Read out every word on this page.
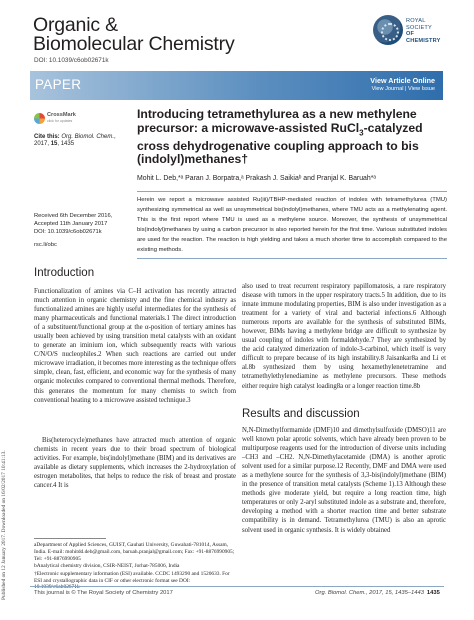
Published on 12 January 2017. Downloaded on 16/02/2017 10:41:13.
Organic &
Biomolecular Chemistry
ROYAL SOCIETY
OF CHEMISTRY
DOI: 10.1039/c6ob02671k
PAPER	View Article Online
View Journal | View Issue
CrossMark
click for updates
Cite this: Org. Biomol. Chem., 2017, 15, 1435
Introducing tetramethylurea as a new methylene precursor: a microwave-assisted RuCl$_3$-catalyzed cross dehydrogenative coupling approach to bis (indolyl)methanes†
Mohit L. Deb,*ᵃ Paran J. Borpatra,ᵃ Prakash J. Saikiaᵇ and Pranjal K. Baruah*ᵃ
Herein we report a microwave assisted Ru(iii)/TBHP-mediated reaction of indoles with tetramethylurea (TMU) synthesizing symmetrical as well as unsymmetrical bis(indolyl)methanes, where TMU acts as a methylenating agent. This is the first report where TMU is used as a methylene source. Moreover, the synthesis of unsymmetrical bis(indolyl)methanes by using a carbon precursor is also reported herein for the first time. Various substituted indoles are used for the reaction. The reaction is high yielding and takes a much shorter time to accomplish compared to the existing methods.
Received 6th December 2016,
Accepted 11th January 2017
DOI: 10.1039/c6ob02671k
rsc.li/obc
Introduction

Functionalization of amines via C–H activation has recently attracted much attention in organic chemistry and the fine chemical industry as functionalized amines are highly useful intermediates for the synthesis of many pharmaceuticals and functional materials.1 The direct introduction of a substituent/functional group at the α-position of tertiary amines has usually been achieved by using transition metal catalysts with an oxidant to generate an iminium ion, which subsequently reacts with various C/N/O/S nucleophiles.2 When such reactions are carried out under microwave irradiation, it becomes more interesting as the technique offers simple, clean, fast, efficient, and economic way for the synthesis of many organic molecules compared to conventional thermal methods. Therefore, this generates the momentum for many chemists to switch from conventional heating to a microwave assisted technique.3

Bis(heterocycle)methanes have attracted much attention of organic chemists in recent years due to their broad spectrum of biological activities. For example, bis(indolyl)methane (BIM) and its derivatives are available as dietary supplements, which increases the 2-hydroxylation of estrogen metabolites, that helps to reduce the risk of breast and prostate cancer.4 It is

also used to treat recurrent respiratory papillomatosis, a rare respiratory disease with tumors in the upper respiratory tracts.5 In addition, due to its innate immune modulating properties, BIM is also under investigation as a treatment for a variety of viral and bacterial infections.6 Although numerous reports are available for the synthesis of substituted BIMs, however, BIMs having a methylene bridge are difficult to synthesize by usual coupling of indoles with formaldehyde.7 They are synthesized by the acid catalyzed dimerization of indole-3-carbinol, which itself is very difficult to prepare because of its high instability.8 Jaisankar8a and Li et al.8b synthesized them by using hexamethylenetetramine and tetramethylethylenediamine as methylene precursors. These methods either require high catalyst loading8a or a longer reaction time.8b

Results and discussion

N,N-Dimethylformamide (DMF)10 and dimethylsulfoxide (DMSO)11 are well known polar aprotic solvents, which have already been proven to be multipurpose reagents used for the introduction of diverse units including –CH3 and –CH2. N,N-Dimethylacetamide (DMA) is another aprotic solvent used for a similar purpose.12 Recently, DMF and DMA were used as a methylene source for the synthesis of 3,3-bis(indolyl)methane (BIM) in the presence of transition metal catalysts (Scheme 1).13 Although these methods give moderate yield, but require a long reaction time, high temperatures or only 2-aryl substituted indole as a substrate and, therefore, developing a method with a shorter reaction time and better substrate compatibility is in demand. Tetramethylurea (TMU) is also an aprotic solvent used in organic synthesis. It is widely obtained

aDepartment of Applied Sciences, GUIST, Gauhati University, Guwahati-781014, Assam, India. E-mail: mohitdd.deb@gmail.com, baruah.pranjal@gmail.com; Fax: +91-8876990905; Tel: +91-8876990905
bAnalytical chemistry division, CSIR-NEIST, Jorhat-785006, India
†Electronic supplementary information (ESI) available. CCDC 1493290 and 1520633. For ESI and crystallographic data in CIF or other electronic format see DOI: 10.1039/c6ob02671k
This journal is © The Royal Society of Chemistry 2017	Org. Biomol. Chem., 2017, 15, 1435–1443 1435
